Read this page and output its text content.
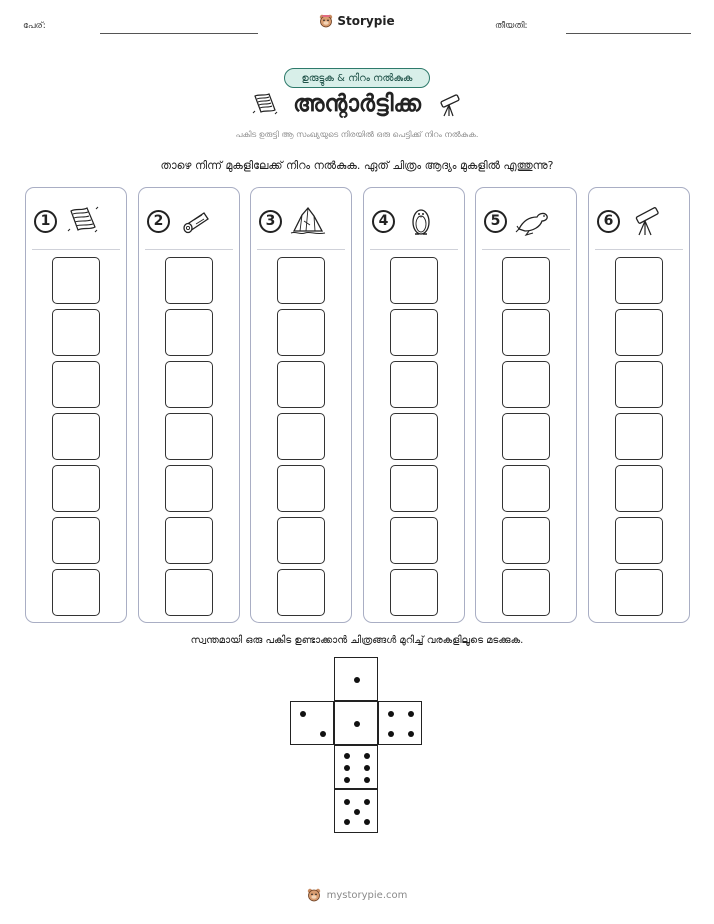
പേര്:	Storypie	തീയതി:
ഉരുട്ടുക & നിറം നൽകുക
അന്റാർട്ടിക്ക
പകിട ഉരുട്ടി ആ സംഖ്യയുടെ നിരയിൽ ഒരു പെട്ടിക്ക് നിറം നൽകുക.
താഴെ നിന്ന് മുകളിലേക്ക് നിറം നൽകുക. ഏത് ചിത്രം ആദ്യം മുകളിൽ എത്തുന്നു?
1	2	3	4	5	6
സ്വന്തമായി ഒരു പകിട ഉണ്ടാക്കാൻ ചിത്രങ്ങൾ മുറിച്ച് വരകളിലൂടെ മടക്കുക.
mystorypie.com
